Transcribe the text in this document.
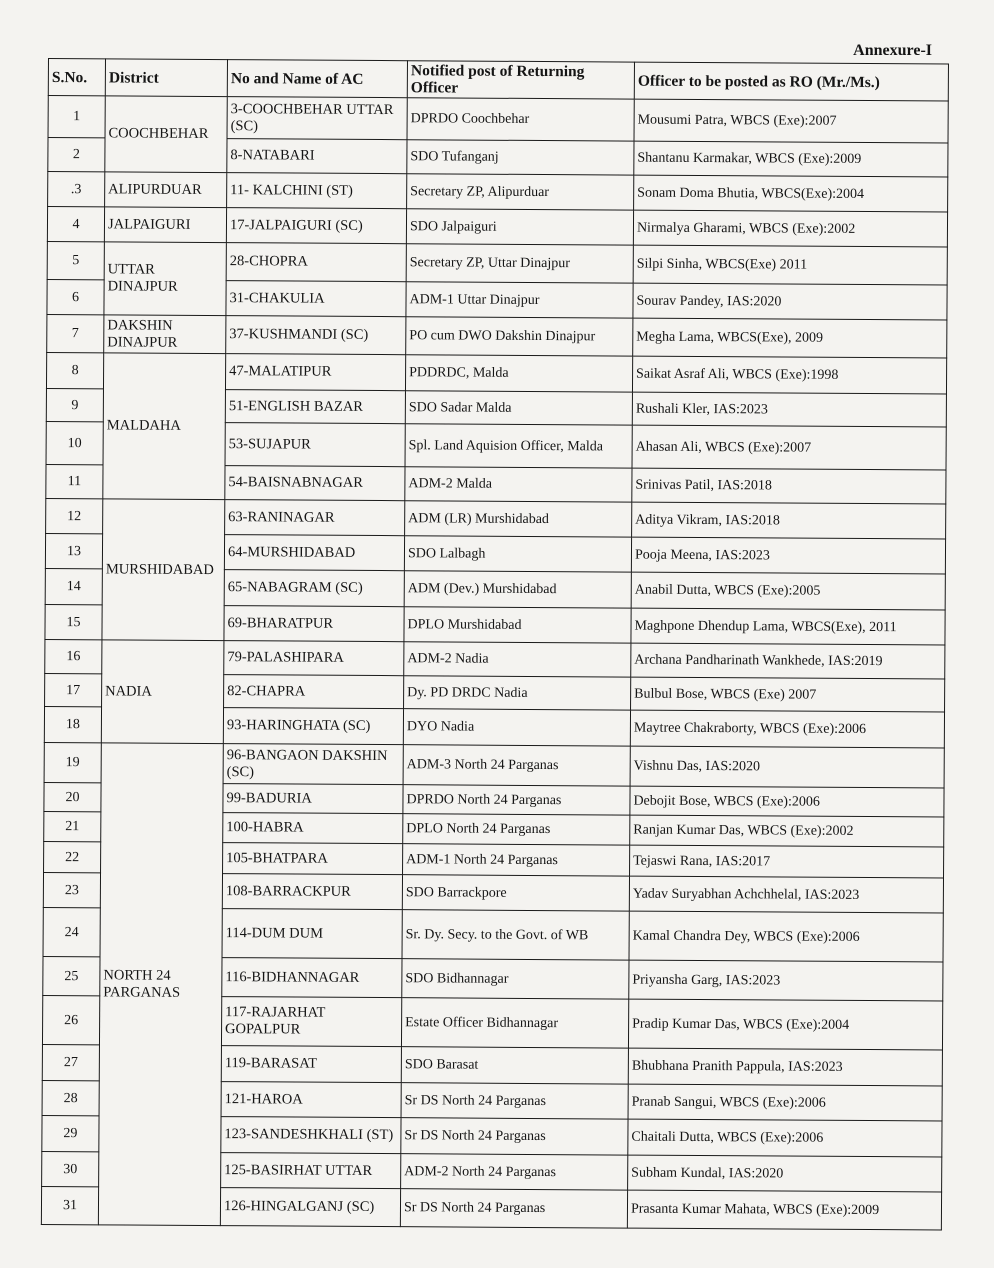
Annexure-I
S.No.	District	No and Name of AC	Notified post of Returning Officer	Officer to be posted as RO (Mr./Ms.)
1	COOCHBEHAR	3-COOCHBEHAR UTTAR (SC)	DPRDO Coochbehar	Mousumi Patra, WBCS (Exe):2007
2		8-NATABARI	SDO Tufanganj	Shantanu Karmakar, WBCS (Exe):2009
.3	ALIPURDUAR	11- KALCHINI (ST)	Secretary ZP, Alipurduar	Sonam Doma Bhutia, WBCS(Exe):2004
4	JALPAIGURI	17-JALPAIGURI (SC)	SDO Jalpaiguri	Nirmalya Gharami, WBCS (Exe):2002
5	UTTAR DINAJPUR	28-CHOPRA	Secretary ZP, Uttar Dinajpur	Silpi Sinha, WBCS(Exe) 2011
6		31-CHAKULIA	ADM-1 Uttar Dinajpur	Sourav Pandey, IAS:2020
7	DAKSHIN DINAJPUR	37-KUSHMANDI (SC)	PO cum DWO Dakshin Dinajpur	Megha Lama, WBCS(Exe), 2009
8	MALDAHA	47-MALATIPUR	PDDRDC, Malda	Saikat Asraf Ali, WBCS (Exe):1998
9		51-ENGLISH BAZAR	SDO Sadar Malda	Rushali Kler, IAS:2023
10		53-SUJAPUR	Spl. Land Aquision Officer, Malda	Ahasan Ali, WBCS (Exe):2007
11		54-BAISNABNAGAR	ADM-2 Malda	Srinivas Patil, IAS:2018
12	MURSHIDABAD	63-RANINAGAR	ADM (LR) Murshidabad	Aditya Vikram, IAS:2018
13		64-MURSHIDABAD	SDO Lalbagh	Pooja Meena, IAS:2023
14		65-NABAGRAM (SC)	ADM (Dev.) Murshidabad	Anabil Dutta, WBCS (Exe):2005
15		69-BHARATPUR	DPLO Murshidabad	Maghpone Dhendup Lama, WBCS(Exe), 2011
16	NADIA	79-PALASHIPARA	ADM-2 Nadia	Archana Pandharinath Wankhede, IAS:2019
17		82-CHAPRA	Dy. PD DRDC Nadia	Bulbul Bose, WBCS (Exe) 2007
18		93-HARINGHATA (SC)	DYO Nadia	Maytree Chakraborty, WBCS (Exe):2006
19	NORTH 24 PARGANAS	96-BANGAON DAKSHIN (SC)	ADM-3 North 24 Parganas	Vishnu Das, IAS:2020
20		99-BADURIA	DPRDO North 24 Parganas	Debojit Bose, WBCS (Exe):2006
21		100-HABRA	DPLO North 24 Parganas	Ranjan Kumar Das, WBCS (Exe):2002
22		105-BHATPARA	ADM-1 North 24 Parganas	Tejaswi Rana, IAS:2017
23		108-BARRACKPUR	SDO Barrackpore	Yadav Suryabhan Achchhelal, IAS:2023
24		114-DUM DUM	Sr. Dy. Secy. to the Govt. of WB	Kamal Chandra Dey, WBCS (Exe):2006
25		116-BIDHANNAGAR	SDO Bidhannagar	Priyansha Garg, IAS:2023
26		117-RAJARHAT GOPALPUR	Estate Officer Bidhannagar	Pradip Kumar Das, WBCS (Exe):2004
27		119-BARASAT	SDO Barasat	Bhubhana Pranith Pappula, IAS:2023
28		121-HAROA	Sr DS North 24 Parganas	Pranab Sangui, WBCS (Exe):2006
29		123-SANDESHKHALI (ST)	Sr DS North 24 Parganas	Chaitali Dutta, WBCS (Exe):2006
30		125-BASIRHAT UTTAR	ADM-2 North 24 Parganas	Subham Kundal, IAS:2020
31		126-HINGALGANJ (SC)	Sr DS North 24 Parganas	Prasanta Kumar Mahata, WBCS (Exe):2009
